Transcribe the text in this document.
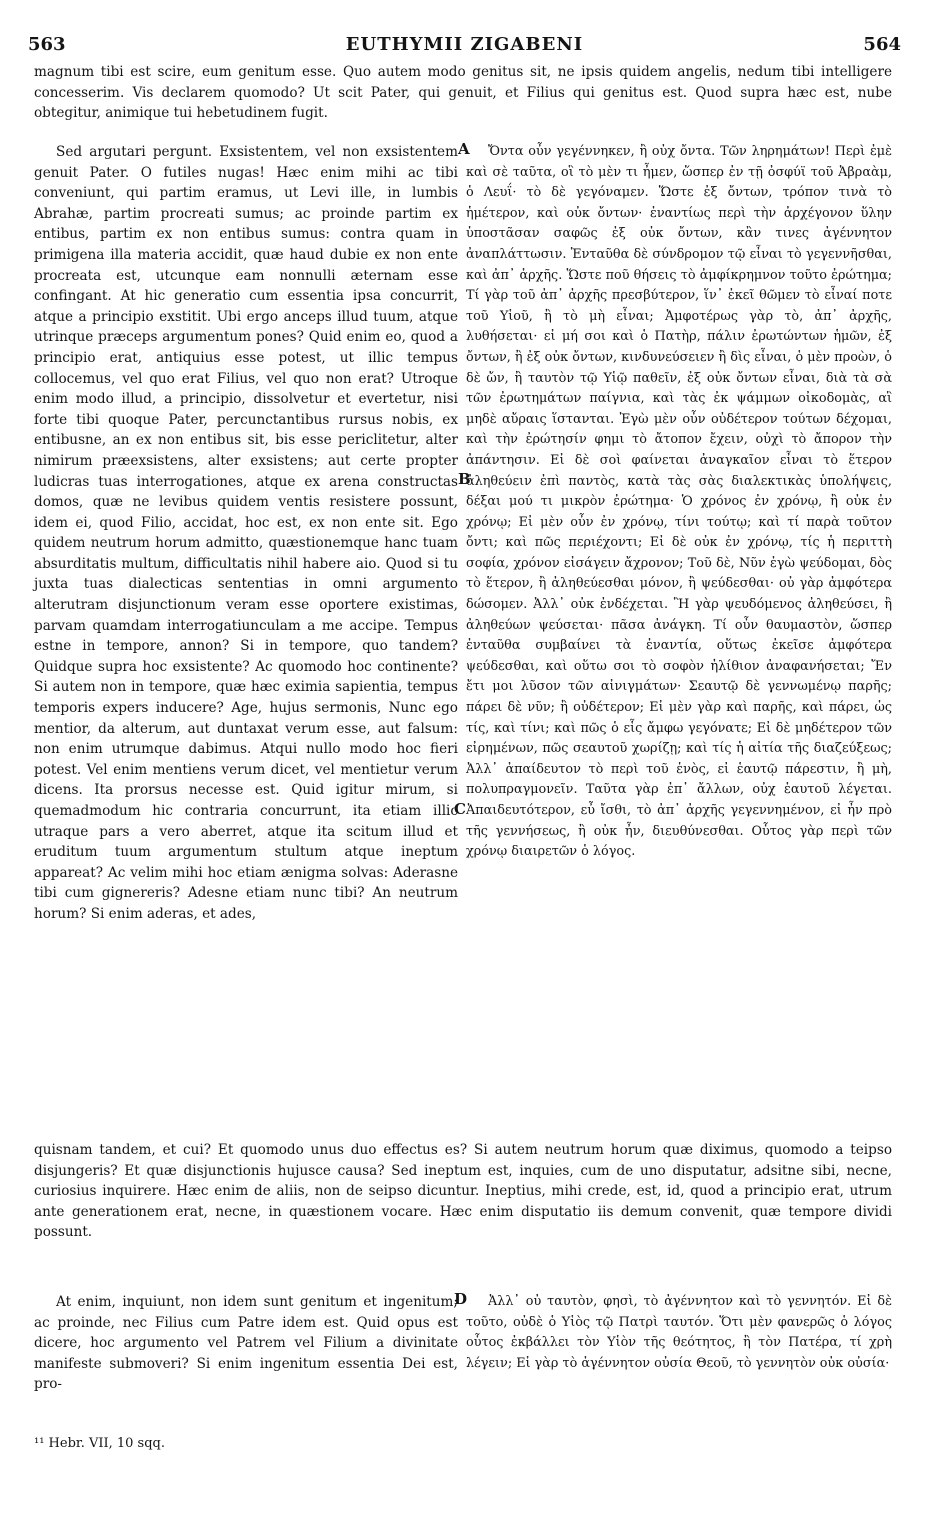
563	EUTHYMII ZIGABENI	564

magnum tibi est scire, eum genitum esse. Quo autem modo genitus sit, ne ipsis quidem angelis, nedum tibi intelligere concesserim. Vis declarem quomodo? Ut scit Pater, qui genuit, et Filius qui genitus est. Quod supra hæc est, nube obtegitur, animique tui hebetudinem fugit.

A

Sed argutari pergunt. Exsistentem, vel non exsistentem genuit Pater. O futiles nugas! Hæc enim mihi ac tibi conveniunt, qui partim eramus, ut Levi ille, in lumbis Abrahæ, partim procreati sumus; ac proinde partim ex entibus, partim ex non entibus sumus: contra quam in primigena illa materia accidit, quæ haud dubie ex non ente procreata est, utcunque eam nonnulli æternam esse confingant. At hic generatio cum essentia ipsa concurrit, atque a principio exstitit. Ubi ergo anceps illud tuum, atque utrinque præceps argumentum pones? Quid enim eo, quod a principio erat, antiquius esse potest, ut illic tempus collocemus, vel quo erat Filius, vel quo non erat? Utroque enim modo illud, a principio, dissolvetur et evertetur, nisi forte tibi quoque Pater, percunctantibus rursus nobis, ex entibusne, an ex non entibus sit, bis esse periclitetur, alter nimirum præexsistens, alter exsistens; aut certe propter ludicras tuas interrogationes, atque ex arena constructas domos, quæ ne levibus quidem ventis resistere possunt, idem ei, quod Filio, accidat, hoc est, ex non ente sit. Ego quidem neutrum horum admitto, quæstionemque hanc tuam absurditatis multum, difficultatis nihil habere aio. Quod si tu juxta tuas dialecticas sententias in omni argumento alterutram disjunctionum veram esse oportere existimas, parvam quamdam interrogatiunculam a me accipe. Tempus estne in tempore, annon? Si in tempore, quo tandem? Quidque supra hoc exsistente? Ac quomodo hoc continente? Si autem non in tempore, quæ hæc eximia sapientia, tempus temporis expers inducere? Age, hujus sermonis, Nunc ego mentior, da alterum, aut duntaxat verum esse, aut falsum: non enim utrumque dabimus. Atqui nullo modo hoc fieri potest. Vel enim mentiens verum dicet, vel mentietur verum dicens. Ita prorsus necesse est. Quid igitur mirum, si quemadmodum hic contraria concurrunt, ita etiam illic utraque pars a vero aberret, atque ita scitum illud et eruditum tuum argumentum stultum atque ineptum appareat? Ac velim mihi hoc etiam ænigma solvas: Aderasne tibi cum gignereris? Adesne etiam nunc tibi? An neutrum horum? Si enim aderas, et ades,

Ὄντα οὖν γεγέννηκεν, ἢ οὐχ ὄντα. Τῶν ληρημάτων! Περὶ ἐμὲ καὶ σὲ ταῦτα, οἳ τὸ μὲν τι ἦμεν, ὥσπερ ἐν τῇ ὀσφύϊ τοῦ Ἀβραὰμ, ὁ Λευΐ· τὸ δὲ γεγόναμεν. Ὥστε ἐξ ὄντων, τρόπον τινὰ τὸ ἡμέτερον, καὶ οὐκ ὄντων· ἐναντίως περὶ τὴν ἀρχέγονον ὕλην ὑποστᾶσαν σαφῶς ἐξ οὐκ ὄντων, κἂν τινες ἀγέννητον ἀναπλάττωσιν. Ἐνταῦθα δὲ σύνδρομον τῷ εἶναι τὸ γεγεννῆσθαι, καὶ ἀπ᾽ ἀρχῆς. Ὥστε ποῦ θήσεις τὸ ἀμφίκρημνον τοῦτο ἐρώτημα; Τί γὰρ τοῦ ἀπ᾽ ἀρχῆς πρεσβύτερον, ἵν᾽ ἐκεῖ θῶμεν τὸ εἶναί ποτε τοῦ Υἱοῦ, ἢ τὸ μὴ εἶναι; Ἀμφοτέρως γὰρ τὸ, ἀπ᾽ ἀρχῆς, λυθήσεται· εἰ μή σοι καὶ ὁ Πατὴρ, πάλιν ἐρωτώντων ἡμῶν, ἐξ ὄντων, ἢ ἐξ οὐκ ὄντων, κινδυνεύσειεν ἢ δὶς εἶναι, ὁ μὲν προὼν, ὁ δὲ ὤν, ἢ ταυτὸν τῷ Υἱῷ παθεῖν, ἐξ οὐκ ὄντων εἶναι, διὰ τὰ σὰ τῶν ἐρωτημάτων παίγνια, καὶ τὰς ἐκ ψάμμων οἰκοδομὰς, αἳ μηδὲ αὔραις ἵστανται. Ἐγὼ μὲν οὖν οὐδέτερον τούτων δέχομαι, καὶ τὴν ἐρώτησίν φημι τὸ ἄτοπον ἔχειν, οὐχὶ τὸ ἄπορον τὴν ἀπάντησιν. Εἰ δὲ σοὶ φαίνεται ἀναγκαῖον εἶναι τὸ ἕτερον ἀληθεύειν ἐπὶ παντὸς, κατὰ τὰς σὰς διαλεκτικὰς ὑπολήψεις, δέξαι μού τι μικρὸν ἐρώτημα· Ὁ χρόνος ἐν χρόνῳ, ἢ οὐκ ἐν χρόνῳ; Εἰ μὲν οὖν ἐν χρόνῳ, τίνι τούτῳ; καὶ τί παρὰ τοῦτον ὄντι; καὶ πῶς περιέχοντι; Εἰ δὲ οὐκ ἐν χρόνῳ, τίς ἡ περιττὴ σοφία, χρόνον εἰσάγειν ἄχρονον; Τοῦ δὲ, Νῦν ἐγὼ ψεύδομαι, δὸς τὸ ἕτερον, ἢ ἀληθεύεσθαι μόνον, ἢ ψεύδεσθαι· οὐ γὰρ ἀμφότερα δώσομεν. Ἀλλ᾽ οὐκ ἐνδέχεται. Ἢ γὰρ ψευδόμενος ἀληθεύσει, ἢ ἀληθεύων ψεύσεται· πᾶσα ἀνάγκη. Τί οὖν θαυμαστὸν, ὥσπερ ἐνταῦθα συμβαίνει τὰ ἐναντία, οὕτως ἐκεῖσε ἀμφότερα ψεύδεσθαι, καὶ οὕτω σοι τὸ σοφὸν ἠλίθιον ἀναφανήσεται; Ἔν ἔτι μοι λῦσον τῶν αἰνιγμάτων· Σεαυτῷ δὲ γεννωμένῳ παρῆς; πάρει δὲ νῦν; ἢ οὐδέτερον; Εἰ μὲν γὰρ καὶ παρῆς, καὶ πάρει, ὡς τίς, καὶ τίνι; καὶ πῶς ὁ εἷς ἄμφω γεγόνατε; Εἰ δὲ μηδέτερον τῶν εἰρημένων, πῶς σεαυτοῦ χωρίζῃ; καὶ τίς ἡ αἰτία τῆς διαζεύξεως; Ἀλλ᾽ ἀπαίδευτον τὸ περὶ τοῦ ἑνὸς, εἰ ἑαυτῷ πάρεστιν, ἢ μὴ, πολυπραγμονεῖν. Ταῦτα γὰρ ἐπ᾽ ἄλλων, οὐχ ἑαυτοῦ λέγεται. Ἀπαιδευτότερον, εὖ ἴσθι, τὸ ἀπ᾽ ἀρχῆς γεγεννημένον, εἰ ἦν πρὸ τῆς γεννήσεως, ἢ οὐκ ἦν, διευθύνεσθαι. Οὗτος γὰρ περὶ τῶν χρόνῳ διαιρετῶν ὁ λόγος.

B
C

quisnam tandem, et cui? Et quomodo unus duo effectus es? Si autem neutrum horum quæ diximus, quomodo a teipso disjungeris? Et quæ disjunctionis hujusce causa? Sed ineptum est, inquies, cum de uno disputatur, adsitne sibi, necne, curiosius inquirere. Hæc enim de aliis, non de seipso dicuntur. Ineptius, mihi crede, est, id, quod a principio erat, utrum ante generationem erat, necne, in quæstionem vocare. Hæc enim disputatio iis demum convenit, quæ tempore dividi possunt.

D

At enim, inquiunt, non idem sunt genitum et ingenitum; ac proinde, nec Filius cum Patre idem est. Quid opus est dicere, hoc argumento vel Patrem vel Filium a divinitate manifeste submoveri? Si enim ingenitum essentia Dei est, pro-

Ἀλλ᾽ οὐ ταυτὸν, φησὶ, τὸ ἀγέννητον καὶ τὸ γεννητόν. Εἰ δὲ τοῦτο, οὐδὲ ὁ Υἱὸς τῷ Πατρὶ ταυτόν. Ὅτι μὲν φανερῶς ὁ λόγος οὗτος ἐκβάλλει τὸν Υἱὸν τῆς θεότητος, ἢ τὸν Πατέρα, τί χρὴ λέγειν; Εἰ γὰρ τὸ ἀγέννητον οὐσία Θεοῦ, τὸ γεννητὸν οὐκ οὐσία·

¹¹ Hebr. VII, 10 sqq.
